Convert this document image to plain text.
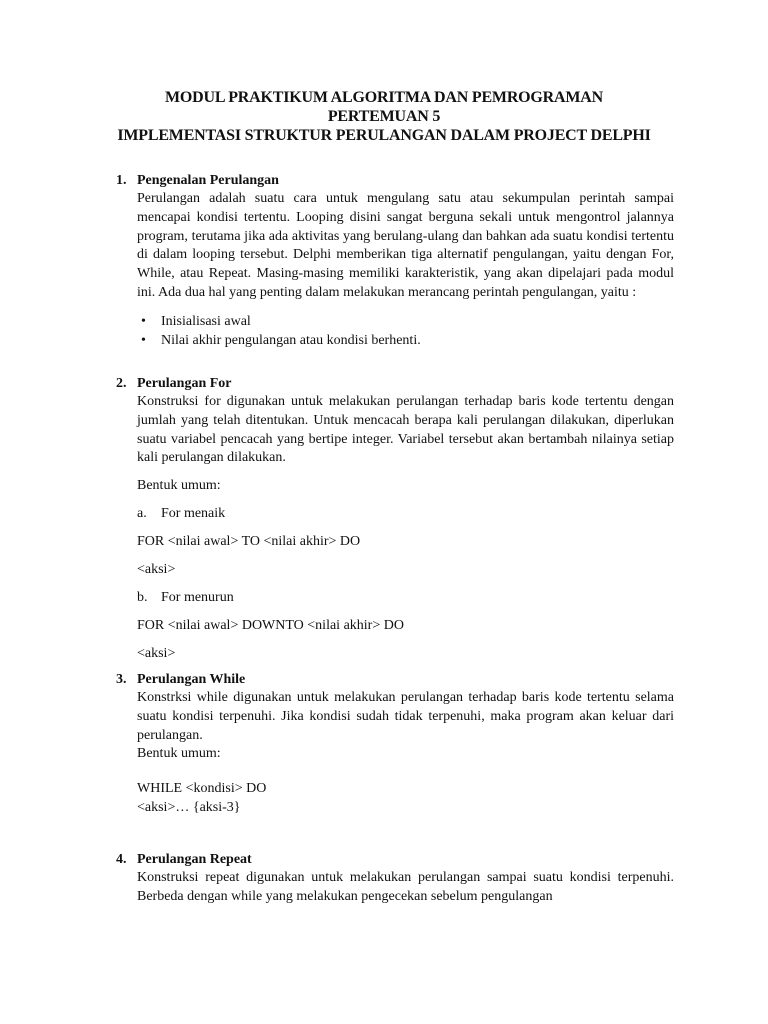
MODUL PRAKTIKUM ALGORITMA DAN PEMROGRAMAN
PERTEMUAN 5
IMPLEMENTASI STRUKTUR PERULANGAN DALAM PROJECT DELPHI
1. Pengenalan Perulangan

Perulangan adalah suatu cara untuk mengulang satu atau sekumpulan perintah sampai mencapai kondisi tertentu. Looping disini sangat berguna sekali untuk mengontrol jalannya program, terutama jika ada aktivitas yang berulang-ulang dan bahkan ada suatu kondisi tertentu di dalam looping tersebut. Delphi memberikan tiga alternatif pengulangan, yaitu dengan For, While, atau Repeat. Masing-masing memiliki karakteristik, yang akan dipelajari pada modul ini. Ada dua hal yang penting dalam melakukan merancang perintah pengulangan, yaitu :

•	Inisialisasi awal
•	Nilai akhir pengulangan atau kondisi berhenti.
2. Perulangan For

Konstruksi for digunakan untuk melakukan perulangan terhadap baris kode tertentu dengan jumlah yang telah ditentukan. Untuk mencacah berapa kali perulangan dilakukan, diperlukan suatu variabel pencacah yang bertipe integer. Variabel tersebut akan bertambah nilainya setiap kali perulangan dilakukan.

Bentuk umum:
a.	For menaik
FOR <nilai awal> TO <nilai akhir> DO
<aksi>
b. For menurun
FOR <nilai awal> DOWNTO <nilai akhir> DO
<aksi>
3. Perulangan While

Konstrksi while digunakan untuk melakukan perulangan terhadap baris kode tertentu selama suatu kondisi terpenuhi. Jika kondisi sudah tidak terpenuhi, maka program akan keluar dari perulangan.

Bentuk umum:
WHILE <kondisi> DO
<aksi>… {aksi-3}
4. Perulangan Repeat

Konstruksi repeat digunakan untuk melakukan perulangan sampai suatu kondisi terpenuhi. Berbeda dengan while yang melakukan pengecekan sebelum pengulangan
